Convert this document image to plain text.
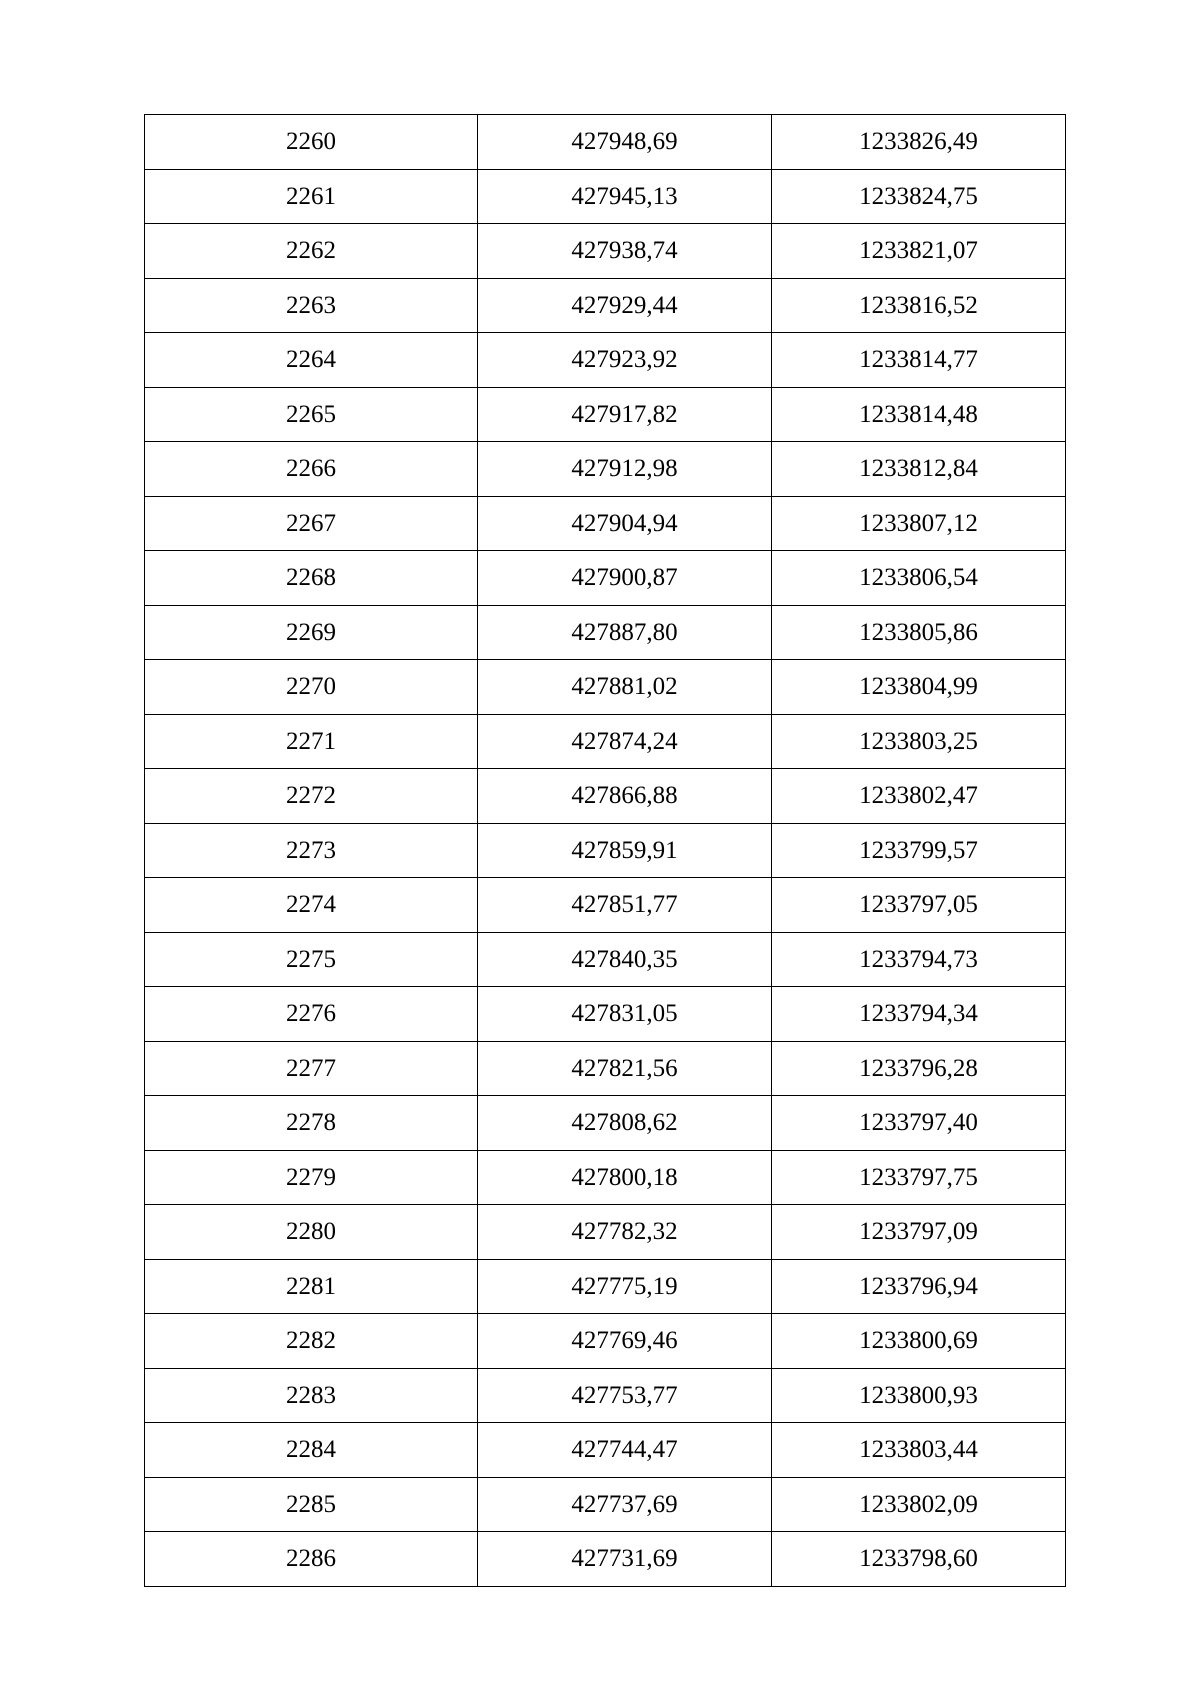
2260	427948,69	1233826,49
2261	427945,13	1233824,75
2262	427938,74	1233821,07
2263	427929,44	1233816,52
2264	427923,92	1233814,77
2265	427917,82	1233814,48
2266	427912,98	1233812,84
2267	427904,94	1233807,12
2268	427900,87	1233806,54
2269	427887,80	1233805,86
2270	427881,02	1233804,99
2271	427874,24	1233803,25
2272	427866,88	1233802,47
2273	427859,91	1233799,57
2274	427851,77	1233797,05
2275	427840,35	1233794,73
2276	427831,05	1233794,34
2277	427821,56	1233796,28
2278	427808,62	1233797,40
2279	427800,18	1233797,75
2280	427782,32	1233797,09
2281	427775,19	1233796,94
2282	427769,46	1233800,69
2283	427753,77	1233800,93
2284	427744,47	1233803,44
2285	427737,69	1233802,09
2286	427731,69	1233798,60
